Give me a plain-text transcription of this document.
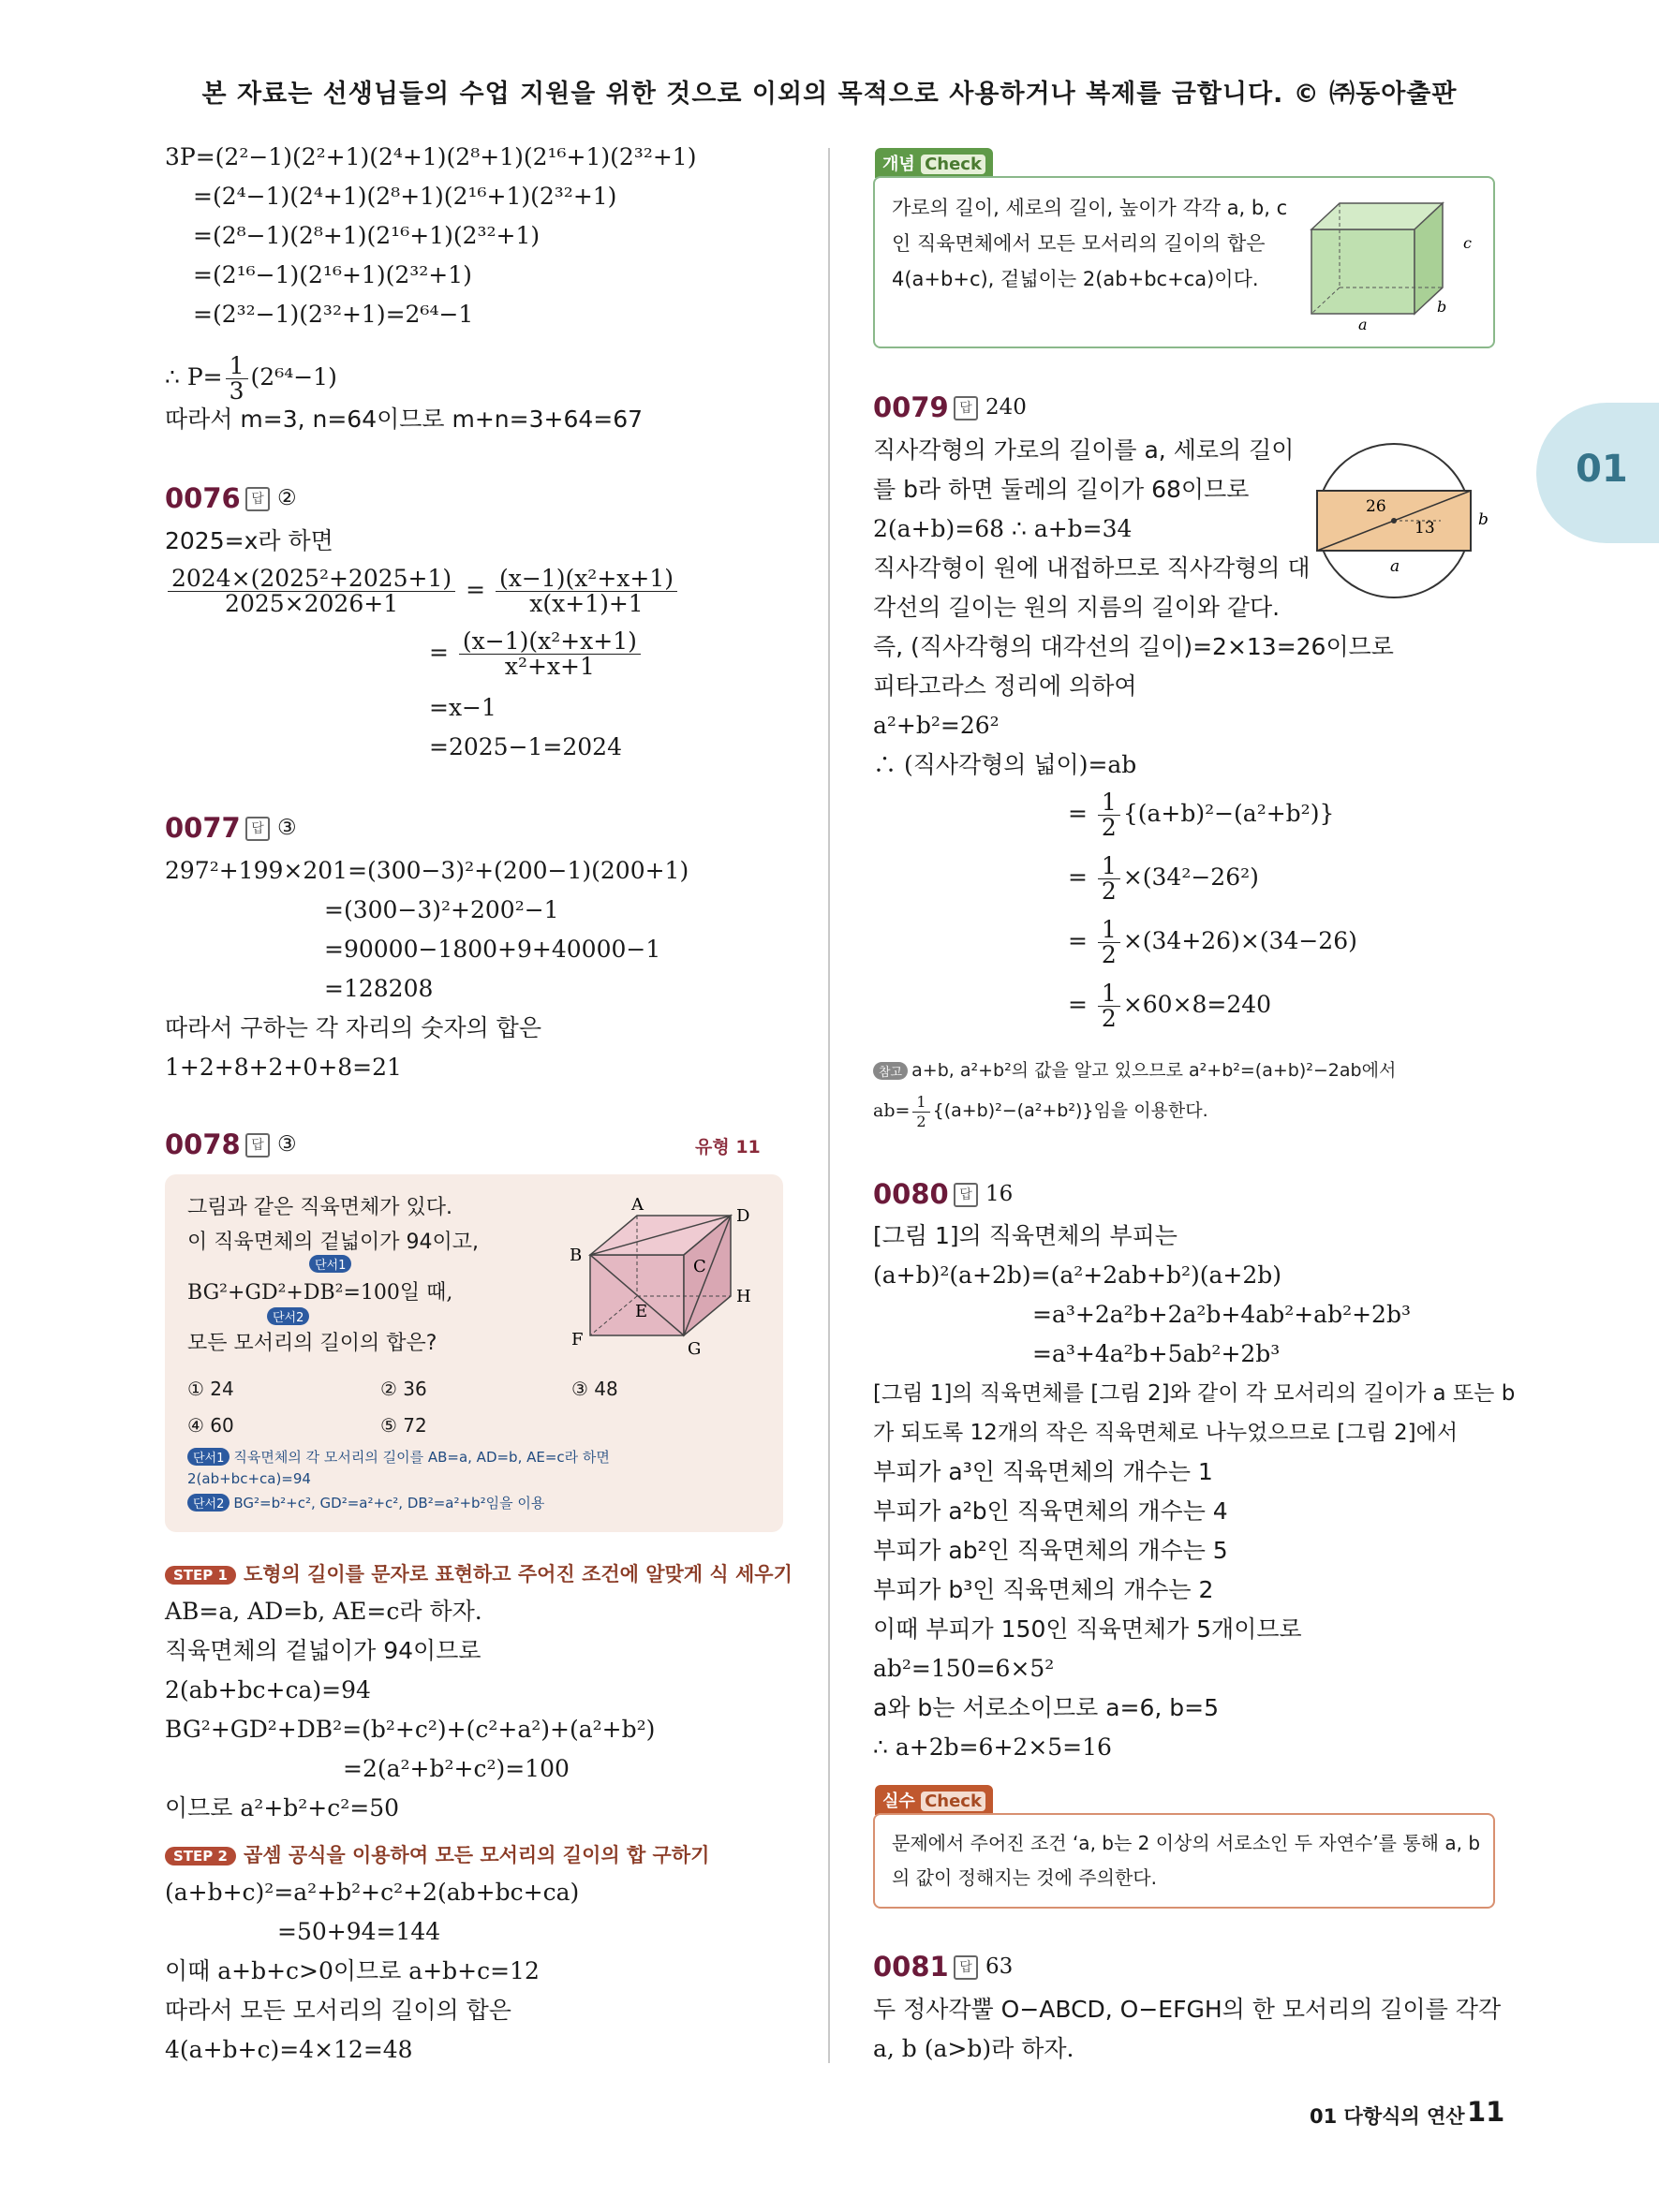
본 자료는 선생님들의 수업 지원을 위한 것으로 이외의 목적으로 사용하거나 복제를 금합니다. © ㈜동아출판
01
3P=(2²−1)(2²+1)(2⁴+1)(2⁸+1)(2¹⁶+1)(2³²+1)
=(2⁴−1)(2⁴+1)(2⁸+1)(2¹⁶+1)(2³²+1)
=(2⁸−1)(2⁸+1)(2¹⁶+1)(2³²+1)
=(2¹⁶−1)(2¹⁶+1)(2³²+1)
=(2³²−1)(2³²+1)=2⁶⁴−1
∴ $P= \frac{1}{3} (2^{64}-1)$
따라서 m=3, n=64이므로 m+n=3+64=67
0076 답 ②
2025=x라 하면
$\frac{\text{2024×(2025²+2025+1)}}{2025\times 2026+1} = \frac{\text{(x−1)(x²+x+1)}}{x(x+1)+1}$
= $\frac{\text{(x−1)(x²+x+1)}}{\text{x²+x+1}}$
=x−1
=2025−1=2024
0077 답 ③
297²+199×201=(300−3)²+(200−1)(200+1)
=(300−3)²+200²−1
=90000−1800+9+40000−1
=128208
따라서 구하는 각 자리의 숫자의 합은
1+2+8+2+0+8=21
0078 답 ③	유형 11
그림과 같은 직육면체가 있다.
이 직육면체의 겉넓이가 94이고,
단서1
BG²+GD²+DB²=100일 때,
단서2
모든 모서리의 길이의 합은?
A
B
C
D
E
F	G
H
① 24	② 36	③ 48
④ 60	⑤ 72
단서1 직육면체의 각 모서리의 길이를 AB=a, AD=b, AE=c라 하면
2(ab+bc+ca)=94
단서2 BG²=b²+c², GD²=a²+c², DB²=a²+b²임을 이용
STEP 1 도형의 길이를 문자로 표현하고 주어진 조건에 알맞게 식 세우기
AB=a, AD=b, AE=c라 하자.
직육면체의 겉넓이가 94이므로
2(ab+bc+ca)=94
BG²+GD²+DB²=(b²+c²)+(c²+a²)+(a²+b²)
=2(a²+b²+c²)=100
이므로 a²+b²+c²=50
STEP 2 곱셈 공식을 이용하여 모든 모서리의 길이의 합 구하기
(a+b+c)²=a²+b²+c²+2(ab+bc+ca)
=50+94=144
이때 a+b+c>0이므로 a+b+c=12
따라서 모든 모서리의 길이의 합은
4(a+b+c)=4×12=48
개념 Check
가로의 길이, 세로의 길이, 높이가 각각 a, b, c
인 직육면체에서 모든 모서리의 길이의 합은
4(a+b+c), 겉넓이는 2(ab+bc+ca)이다.
a
b
c
0079 답 240
직사각형의 가로의 길이를 a, 세로의 길이
를 b라 하면 둘레의 길이가 68이므로
2(a+b)=68 ∴ a+b=34
직사각형이 원에 내접하므로 직사각형의 대
각선의 길이는 원의 지름의 길이와 같다.
즉, (직사각형의 대각선의 길이)=2×13=26이므로
피타고라스 정리에 의하여
a²+b²=26²
∴ (직사각형의 넓이)=ab
26
13
a
b
= $\frac{1}{2} \{(a+b)^2-(a^2+b^2)\}$
= $\frac{1}{2} \times(34^2-26^2)$
= $\frac{1}{2} \times(34+26)\times(34-26)$
= $\frac{1}{2} \times 60\times 8=240$
참고 a+b, a²+b²의 값을 알고 있으므로 a²+b²=(a+b)²−2ab에서
$ab= \frac{1}{2} \{(a+b)^2-(a^2+b^2)\}$임을 이용한다.
0080 답 16
[그림 1]의 직육면체의 부피는
(a+b)²(a+2b)=(a²+2ab+b²)(a+2b)
=a³+2a²b+2a²b+4ab²+ab²+2b³
=a³+4a²b+5ab²+2b³
[그림 1]의 직육면체를 [그림 2]와 같이 각 모서리의 길이가 a 또는 b
가 되도록 12개의 작은 직육면체로 나누었으므로 [그림 2]에서
부피가 a³인 직육면체의 개수는 1
부피가 a²b인 직육면체의 개수는 4
부피가 ab²인 직육면체의 개수는 5
부피가 b³인 직육면체의 개수는 2
이때 부피가 150인 직육면체가 5개이므로
ab²=150=6×5²
a와 b는 서로소이므로 a=6, b=5
∴ a+2b=6+2×5=16
실수 Check
문제에서 주어진 조건 ‘a, b는 2 이상의 서로소인 두 자연수’를 통해 a, b
의 값이 정해지는 것에 주의한다.
0081 답 63
두 정사각뿔 O−ABCD, O−EFGH의 한 모서리의 길이를 각각
a, b (a>b)라 하자.
01 다항식의 연산 11
